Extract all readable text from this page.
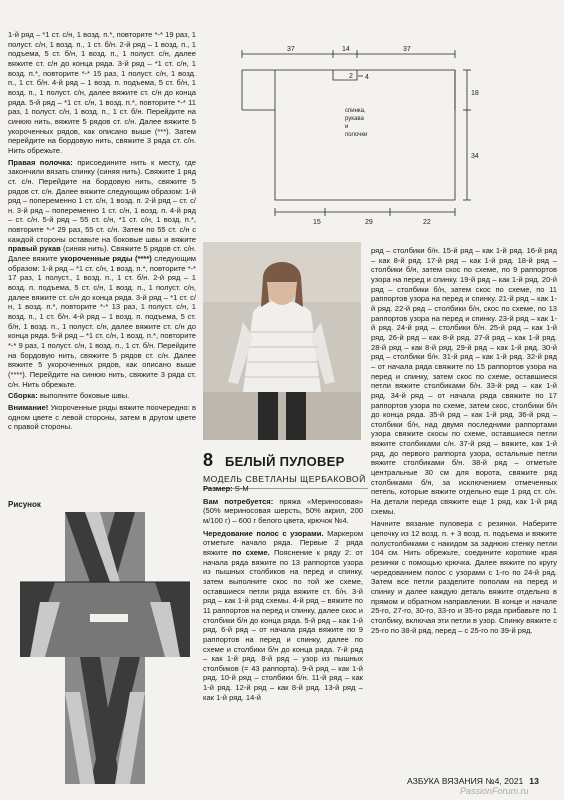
1-й ряд – *1 ст. с/н, 1 возд. п.*, повторите *-* 19 раз, 1 полуст. с/н, 1 возд. п., 1 ст. б/н. 2-й ряд – 1 возд. п., 1 подъема, 5 ст. б/н, 1 возд. п., 1 полуст. с/н, далее вяжите ст. с/н до конца ряда. 3-й ряд – *1 ст. с/н, 1 возд. п.*, повторите *-* 15 раз, 1 полуст. с/н, 1 возд. п., 1 ст. б/н. 4-й ряд – 1 возд. п. подъема, 5 ст. б/н, 1 возд. п., 1 полуст. с/н, далее вяжите ст. с/н до конца ряда. 5-й ряд – *1 ст. с/н, 1 возд. п.*, повторите *-* 11 раз, 1 полуст. с/н, 1 возд. п., 1 ст. б/н. Перейдите на синюю нить, вяжите 5 рядов ст. с/н. Далее вяжите 5 укороченных рядов, как описано выше (***). Затем перейдите на бордовую нить, свяжите 3 ряда ст. с/н. Нить обрежьте.

Правая полочка: присоедините нить к месту, где закончили вязать спинку (синяя нить). Свяжите 1 ряд ст. с/н. Перейдите на бордовую нить, свяжите 5 рядов ст. с/н. Далее вяжите следующим образом: 1-й ряд – попеременно 1 ст. с/н, 1 возд. п. 2-й ряд – ст. с/н. 3-й ряд – попеременно 1 ст. с/н, 1 возд. п. 4-й ряд – ст. с/н. 5-й ряд – 55 ст. с/н, *1 ст. с/н, 1 возд. п.*, повторите *-* 29 раз, 55 ст. с/н. Затем по 55 ст. с/н с каждой стороны оставьте на боковые швы и вяжите правый рукав (синяя нить). Свяжите 5 рядов ст. с/н. Далее вяжите укороченные ряды (****) следующим образом: 1-й ряд – *1 ст. с/н, 1 возд. п.*, повторите *-* 17 раз, 1 полуст., 1 возд. п., 1 ст. б/н. 2-й ряд – 1 возд. п. подъема, 5 ст. с/н, 1 возд. п., 1 полуст. с/н, далее вяжите ст. с/н до конца ряда. 3-й ряд – *1 ст. с/н, 1 возд. п.*, повторите *-* 13 раз, 1 полуст. с/н, 1 возд. п., 1 ст. б/н. 4-й ряд – 1 возд. п. подъема, 5 ст. б/н, 1 возд. п., 1 полуст. с/н, далее вяжите ст. с/н до конца ряда. 5-й ряд – *1 ст. с/н, 1 возд. п.*, повторите *-* 9 раз, 1 полуст. с/н, 1 возд. п., 1 ст. б/н. Перейдите на бордовую нить, свяжите 5 рядов ст. с/н. Далее вяжите 5 укороченных рядов, как описано выше (****). Перейдите на синюю нить, свяжите 3 ряда ст. с/н. Нить обрежьте.

Сборка: выполните боковые швы.

Внимание! Укороченные ряды вяжите поочередно: в одном цвете с левой стороны, затем в другом цвете с правой стороны.

Рисунок
37	14	37
2 4
18
34
15	29	22
спинка,
рукава
и
полочки
8 БЕЛЫЙ ПУЛОВЕР
МОДЕЛЬ СВЕТЛАНЫ ЩЕРБАКОВОЙ

Размер: S-M

Вам потребуется: пряжа «Мериносовая» (50% мериносовая шерсть, 50% акрил, 200 м/100 г) – 600 г белого цвета, крючок №4.

Чередование полос с узорами. Маркером отметьте начало ряда. Первые 2 ряда вяжите по схеме. Пояснение к ряду 2: от начала ряда вяжите по 13 раппортов узора из пышных столбиков на перед и спинку, затем выполните скос по той же схеме, оставшиеся петли ряда вяжите ст. б/н. 3-й ряд – как 1-й ряд схемы. 4-й ряд – вяжите по 11 раппортов на перед и спинку, далее скос и столбики б/н до конца ряда. 5-й ряд – как 1-й ряд. 6-й ряд – от начала ряда вяжите по 9 раппортов на перед и спинку, далее по схеме и столбики б/н до конца ряда. 7-й ряд – как 1-й ряд. 8-й ряд – узор из пышных столбиков (= 43 раппорта). 9-й ряд – как 1-й ряд. 10-й ряд – столбики б/н. 11-й ряд – как 1-й ряд. 12-й ряд – как 8-й ряд. 13-й ряд – как 1-й ряд. 14-й

ряд – столбики б/н. 15-й ряд – как 1-й ряд. 16-й ряд – как 8-й ряд. 17-й ряд – как 1-й ряд. 18-й ряд – столбики б/н, затем скос по схеме, по 9 раппортов узора на перед и спинку. 19-й ряд – как 1-й ряд. 20-й ряд – столбики б/н, затем скос по схеме, по 11 раппортов узора на перед и спинку. 21-й ряд – как 1-й ряд. 22-й ряд – столбики б/н, скос по схеме, по 13 раппортов узора на перед и спинку. 23-й ряд – как 1-й ряд. 24-й ряд – столбики б/н. 25-й ряд – как 1-й ряд. 26-й ряд – как 8-й ряд. 27-й ряд – как 1-й ряд. 28-й ряд – как 8-й ряд. 29-й ряд – как 1-й ряд. 30-й ряд – столбики б/н. 31-й ряд – как 1-й ряд. 32-й ряд – от начала ряда свяжите по 15 раппортов узора на перед и спинку, затем скос по схеме, оставшиеся петли вяжите столбиками б/н. 33-й ряд – как 1-й ряд. 34-й ряд – от начала ряда свяжите по 17 раппортов узора по схеме, затем скос, столбики б/н до конца ряда. 35-й ряд – как 1-й ряд. 36-й ряд – столбики б/н, над двумя последними раппортами узора свяжите скосы по схеме, оставшиеся петли вяжите столбиками с/н. 37-й ряд – вяжите, как 1-й ряд, до первого раппорта узора, остальные петли вяжите столбиками б/н. 38-й ряд – отметьте центральные 30 см для ворота, свяжите ряд столбиками б/н, за исключением отмеченных петель, которые вяжите отдельно еще 1 ряд ст. с/н. На детали переда свяжите еще 1 ряд, как 1-й ряд схемы.

Начните вязание пуловера с резинки. Наберите цепочку из 12 возд. п. + 3 возд. п. подъема и вяжите полустолбиками с накидом за заднюю стенку петли 104 см. Нить обрежьте, соедините короткие края резинки с помощью крючка. Далее вяжите по кругу чередованием полос с узорами с 1-го по 24-й ряд. Затем все петли разделите пополам на перед и спинку и далее каждую деталь вяжите отдельно в прямом и обратном направлении. В конце и начале 25-го, 27-го, 30-го, 33-го и 35-го ряда прибавьте по 1 столбику, включая эти петли в узор. Спинку вяжите с 25-го по 38-й ряд, перед – с 25-го по 39-й ряд.

АЗБУКА ВЯЗАНИЯ №4, 2021 13
PassionForum.ru
